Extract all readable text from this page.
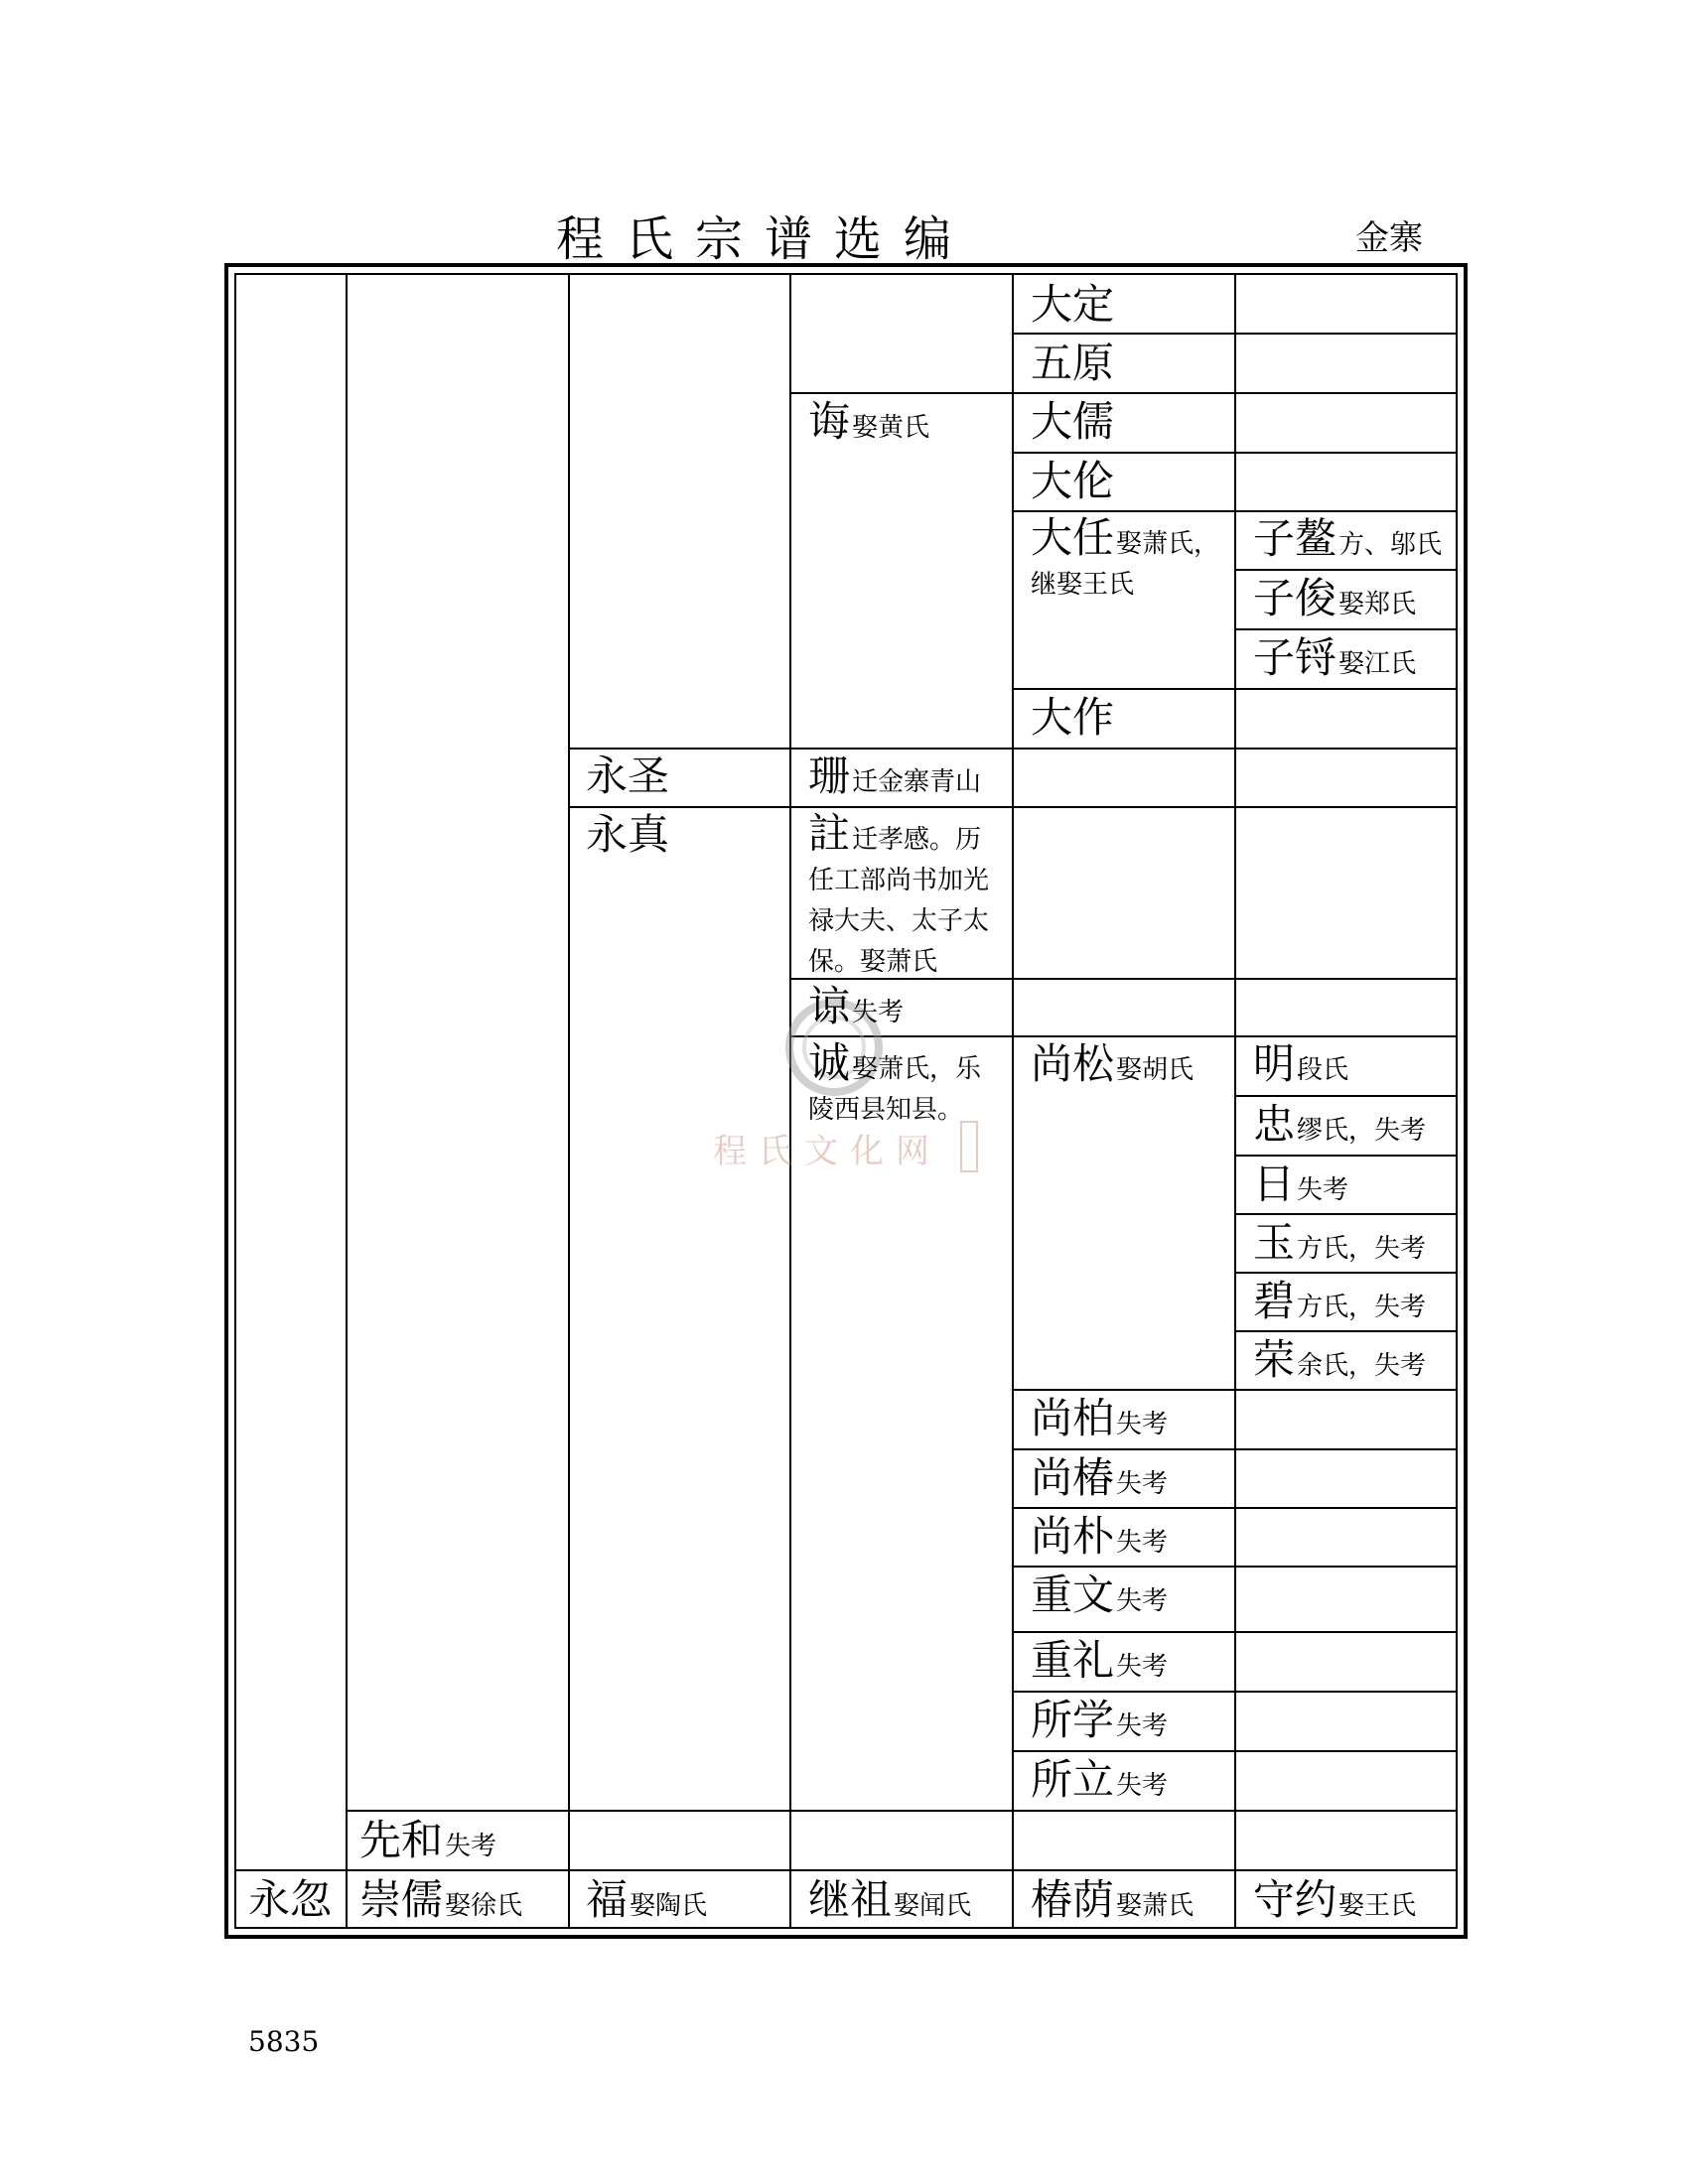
程氏宗谱选编	金寨
程氏文化网
永忽
先和失考
崇儒娶徐氏
永圣
永真
福娶陶氏
诲娶黄氏
珊迁金寨青山
註迁孝感。历任工部尚书加光禄大夫、太子太保。娶萧氏
谅失考
诚娶萧氏，乐陵西县知县。
继祖娶闻氏
大定
五原
大儒
大伦
大任娶萧氏，继娶王氏
大作
尚松娶胡氏
尚柏失考
尚椿失考
尚朴失考
重文失考
重礼失考
所学失考
所立失考
椿荫娶萧氏
子鳌方、邬氏
子俊娶郑氏
子锊娶江氏
明段氏
忠缪氏，失考
日失考
玉方氏，失考
碧方氏，失考
荣余氏，失考
守约娶王氏
5835
